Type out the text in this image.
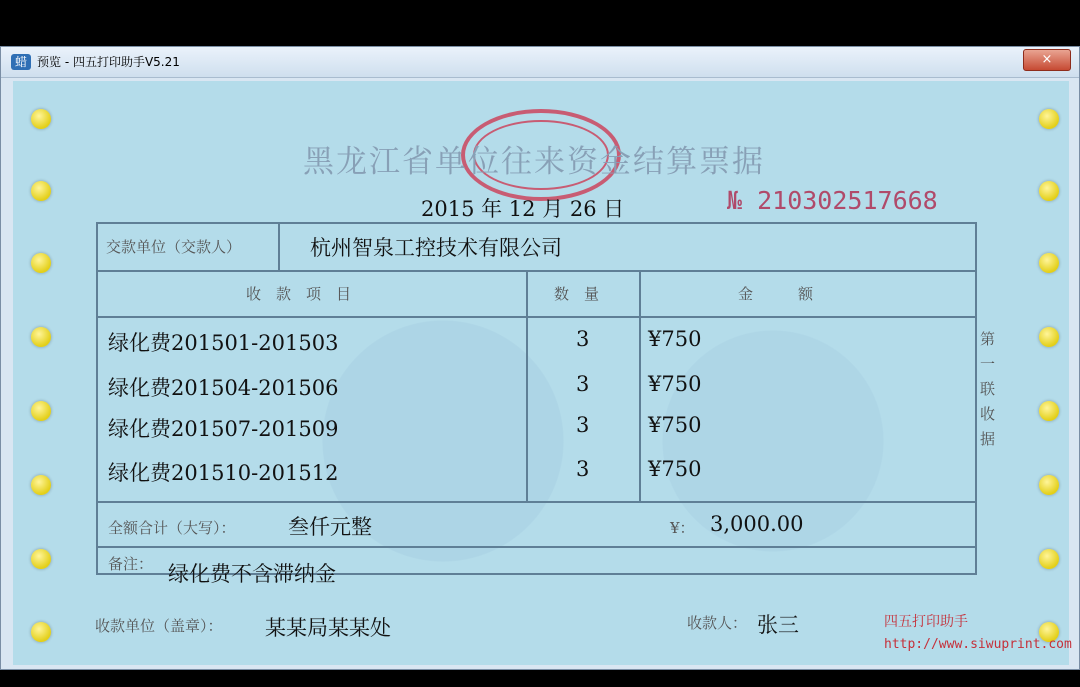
蜡 预览 - 四五打印助手V5.21	×
黑龙江省单位往来资金结算票据
2015 年 12 月 26 日	№ 210302517668
交款单位（交款人）	杭州智泉工控技术有限公司
收　款　项　目	数　量	金　　　额
绿化费201501-201503	3	¥750
绿化费201504-201506	3	¥750
绿化费201507-201509	3	¥750
绿化费201510-201512	3	¥750
全额合计（大写）： 叁仟元整	¥： 3,000.00
备注： 绿化费不含滞纳金
第一联收据
收款单位（盖章）： 某某局某某处	收款人： 张三	四五打印助手
http://www.siwuprint.com
